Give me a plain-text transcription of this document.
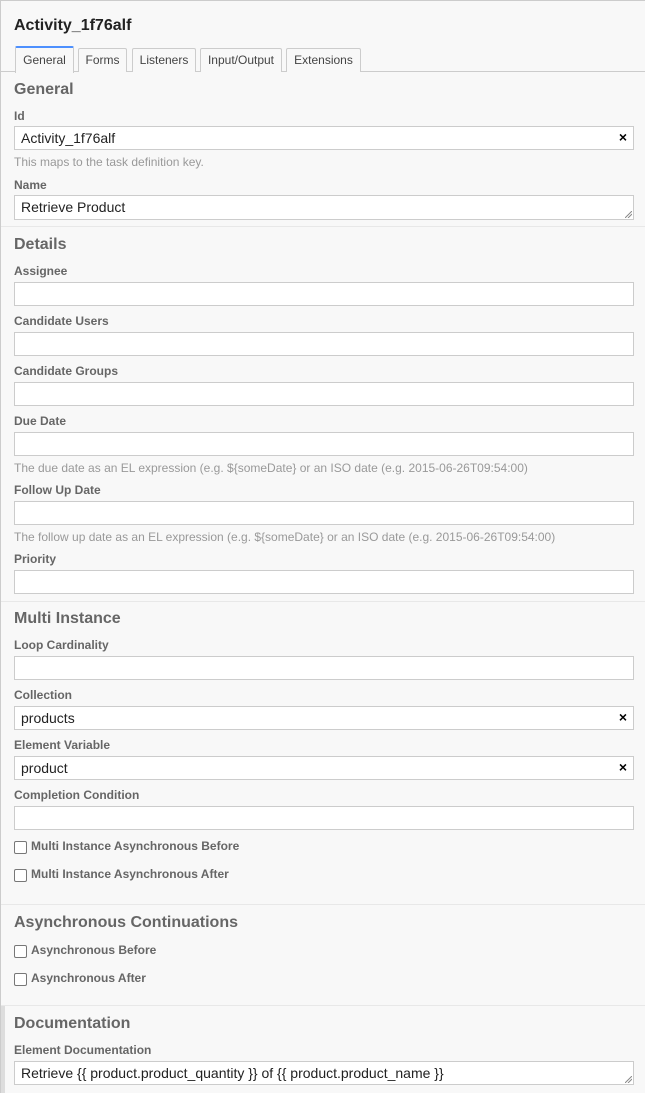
Activity_1f76alf
General	Forms	Listeners	Input/Output	Extensions
General
Id
Activity_1f76alf	×
This maps to the task definition key.
Name
Retrieve Product
Details
Assignee
Candidate Users
Candidate Groups
Due Date
The due date as an EL expression (e.g. ${someDate} or an ISO date (e.g. 2015-06-26T09:54:00)
Follow Up Date
The follow up date as an EL expression (e.g. ${someDate} or an ISO date (e.g. 2015-06-26T09:54:00)
Priority
Multi Instance
Loop Cardinality
Collection
products	×
Element Variable
product	×
Completion Condition
Multi Instance Asynchronous Before
Multi Instance Asynchronous After
Asynchronous Continuations
Asynchronous Before
Asynchronous After
Documentation
Element Documentation
Retrieve {{ product.product_quantity }} of {{ product.product_name }}
